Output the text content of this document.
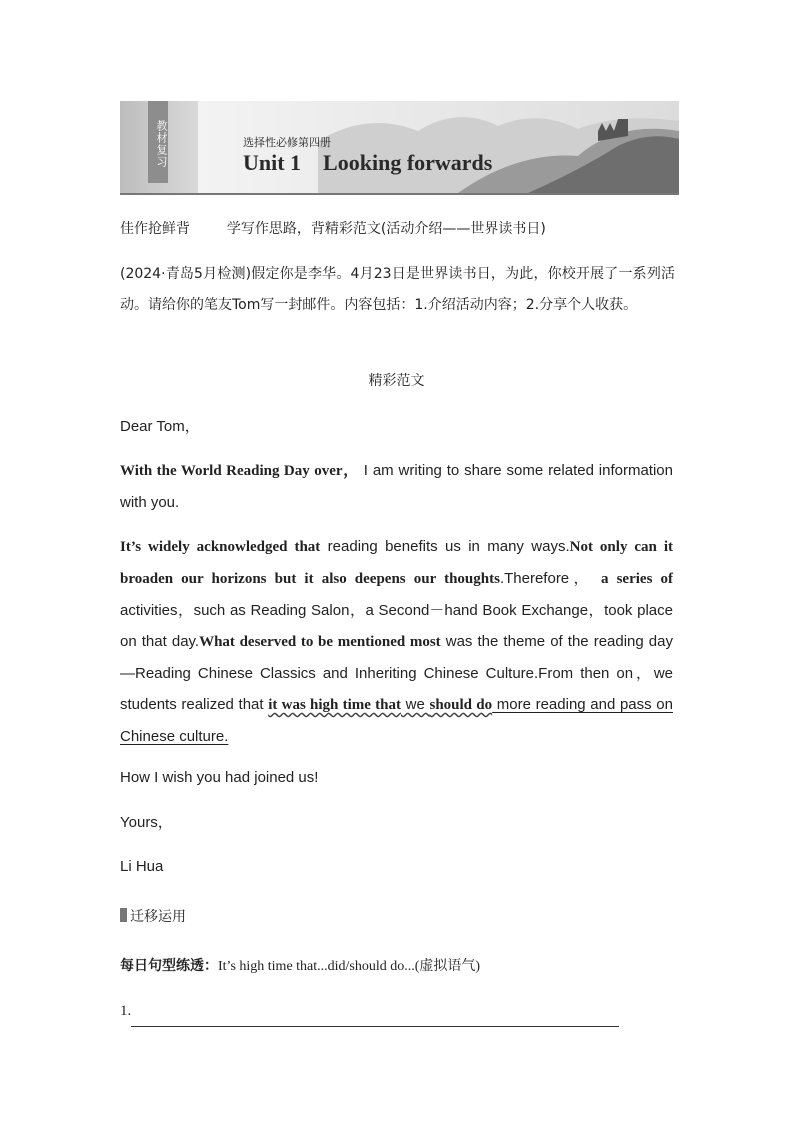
教材复习	选择性必修第四册
Unit 1    Looking forwards
佳作抢鲜背	学写作思路，背精彩范文(活动介绍——世界读书日)
(2024·青岛5月检测)假定你是李华。4月23日是世界读书日，为此，你校开展了一系列活动。请给你的笔友Tom写一封邮件。内容包括：1.介绍活动内容；2.分享个人收获。
精彩范文
Dear Tom，
With the World Reading Day over， I am writing to share some related information with you.
It’s widely acknowledged that reading benefits us in many ways.Not only can it broaden our horizons but it also deepens our thoughts.Therefore， a series of activities，such as Reading Salon，a Second－hand Book Exchange，took place on that day.What deserved to be mentioned most was the theme of the reading day—Reading Chinese Classics and Inheriting Chinese Culture.From then on，we students realized that it was high time that we should do more reading and pass on Chinese culture.
How I wish you had joined us!
Yours，
Li Hua
迁移运用
每日句型练透：It’s high time that...did/should do...(虚拟语气)
1.
